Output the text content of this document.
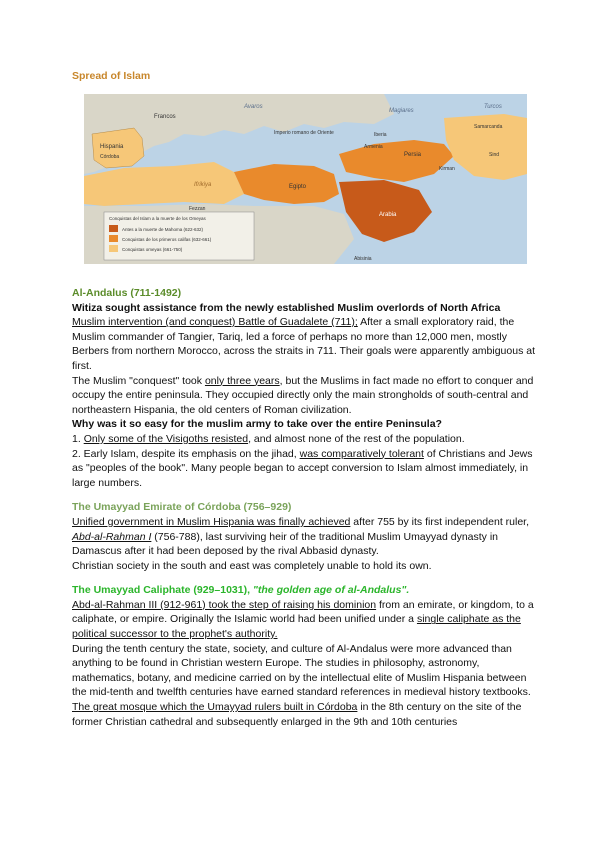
Spread of Islam
Conquistas del Islam a la muerte de los Omeyas
Antes a la muerte de Mahoma (622-632)
Conquistas de los primeros califas (632-661)
Conquistas omeyas (661-750)
Francos
Avaros
Magiares
Turcos
Imperio romano de Oriente
Hispania
Córdoba	Persia
Iberia
Armenia
Arabia
Egipto
Ifrikiya
Kirman
Fezzan
Abisinia
Sind
Samarcanda

Al-Andalus (711-1492)

Witiza sought assistance from the newly established Muslim overlords of North Africa

Muslim intervention (and conquest) Battle of Guadalete (711); After a small exploratory raid, the Muslim commander of Tangier, Tariq, led a force of perhaps no more than 12,000 men, mostly Berbers from northern Morocco, across the straits in 711. Their goals were apparently ambiguous at first.

The Muslim "conquest" took only three years, but the Muslims in fact made no effort to conquer and occupy the entire peninsula. They occupied directly only the main strongholds of south-central and northeastern Hispania, the old centers of Roman civilization.

Why was it so easy for the muslim army to take over the entire Peninsula?

1. Only some of the Visigoths resisted, and almost none of the rest of the population.

2. Early Islam, despite its emphasis on the jihad, was comparatively tolerant of Christians and Jews as "peoples of the book". Many people began to accept conversion to Islam almost immediately, in large numbers.

The Umayyad Emirate of Córdoba (756–929)

Unified government in Muslim Hispania was finally achieved after 755 by its first independent ruler, Abd-al-Rahman I (756-788), last surviving heir of the traditional Muslim Umayyad dynasty in Damascus after it had been deposed by the rival Abbasid dynasty.

Christian society in the south and east was completely unable to hold its own.

The Umayyad Caliphate (929–1031), "the golden age of al-Andalus".

Abd-al-Rahman III (912-961) took the step of raising his dominion from an emirate, or kingdom, to a caliphate, or empire. Originally the Islamic world had been unified under a single caliphate as the political successor to the prophet's authority.

During the tenth century the state, society, and culture of Al-Andalus were more advanced than anything to be found in Christian western Europe. The studies in philosophy, astronomy, mathematics, botany, and medicine carried on by the intellectual elite of Muslim Hispania between the mid-tenth and twelfth centuries have earned standard references in medieval history textbooks.

The great mosque which the Umayyad rulers built in Córdoba in the 8th century on the site of the former Christian cathedral and subsequently enlarged in the 9th and 10th centuries
